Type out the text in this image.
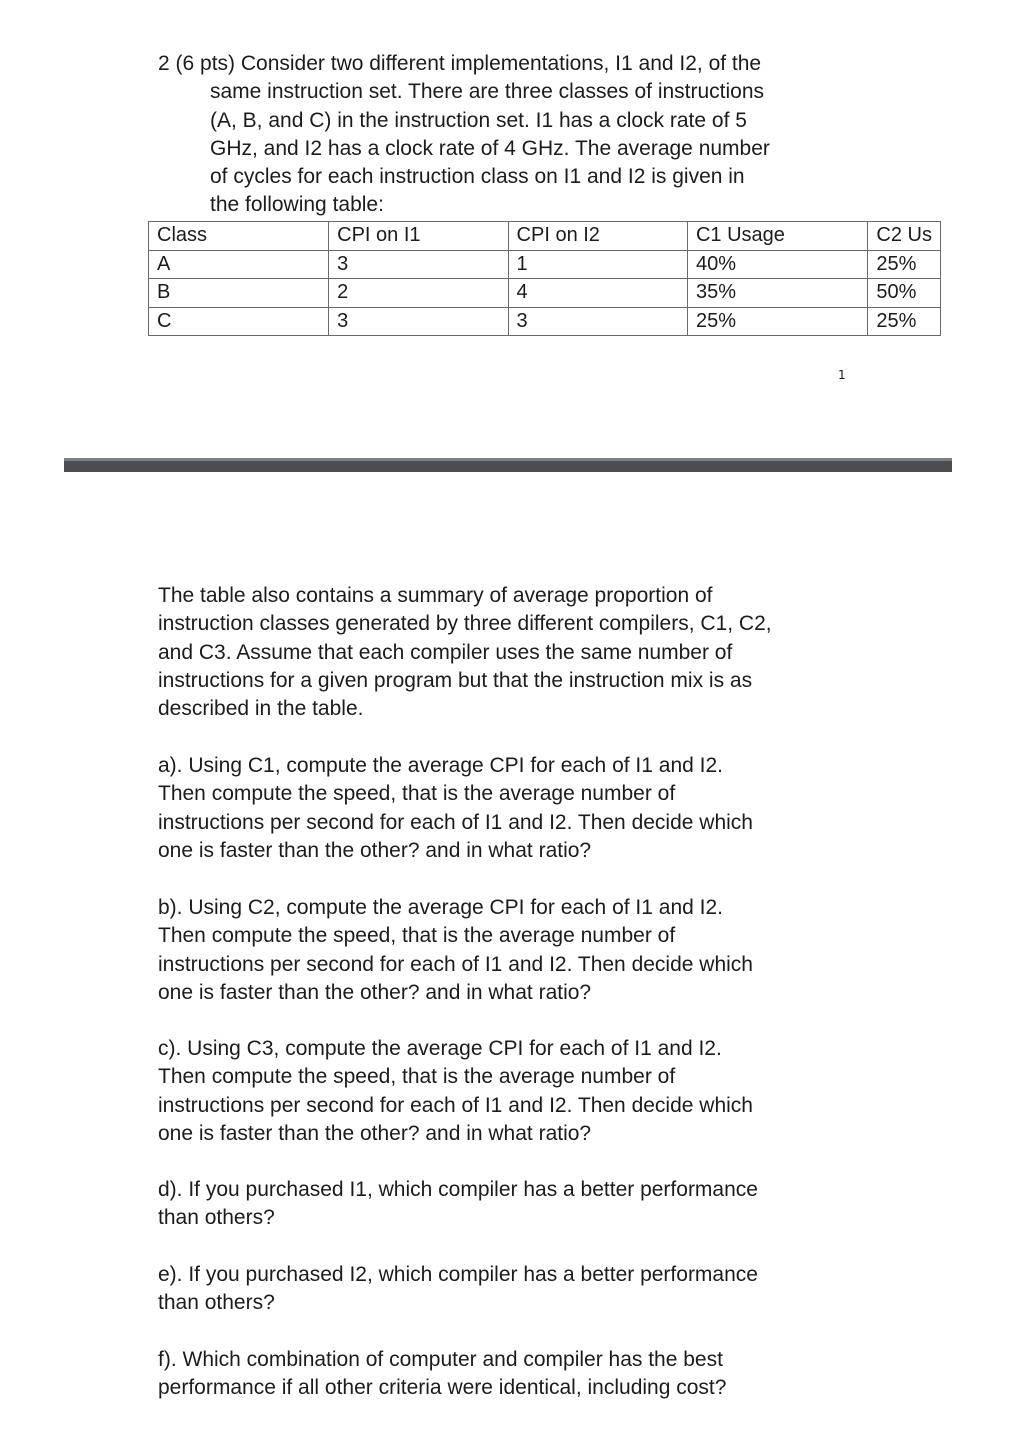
2 (6 pts) Consider two different implementations, I1 and I2, of the
same instruction set. There are three classes of instructions
(A, B, and C) in the instruction set. I1 has a clock rate of 5
GHz, and I2 has a clock rate of 4 GHz. The average number
of cycles for each instruction class on I1 and I2 is given in
the following table:
Class	CPI on I1	CPI on I2	C1 Usage	C2 Us
A	3	1	40%	25%
B	2	4	35%	50%
C	3	3	25%	25%
1
The table also contains a summary of average proportion of
instruction classes generated by three different compilers, C1, C2,
and C3. Assume that each compiler uses the same number of
instructions for a given program but that the instruction mix is as
described in the table.
a). Using C1, compute the average CPI for each of I1 and I2.
Then compute the speed, that is the average number of
instructions per second for each of I1 and I2. Then decide which
one is faster than the other? and in what ratio?
b). Using C2, compute the average CPI for each of I1 and I2.
Then compute the speed, that is the average number of
instructions per second for each of I1 and I2. Then decide which
one is faster than the other? and in what ratio?
c). Using C3, compute the average CPI for each of I1 and I2.
Then compute the speed, that is the average number of
instructions per second for each of I1 and I2. Then decide which
one is faster than the other? and in what ratio?
d). If you purchased I1, which compiler has a better performance
than others?
e). If you purchased I2, which compiler has a better performance
than others?
f). Which combination of computer and compiler has the best
performance if all other criteria were identical, including cost?
